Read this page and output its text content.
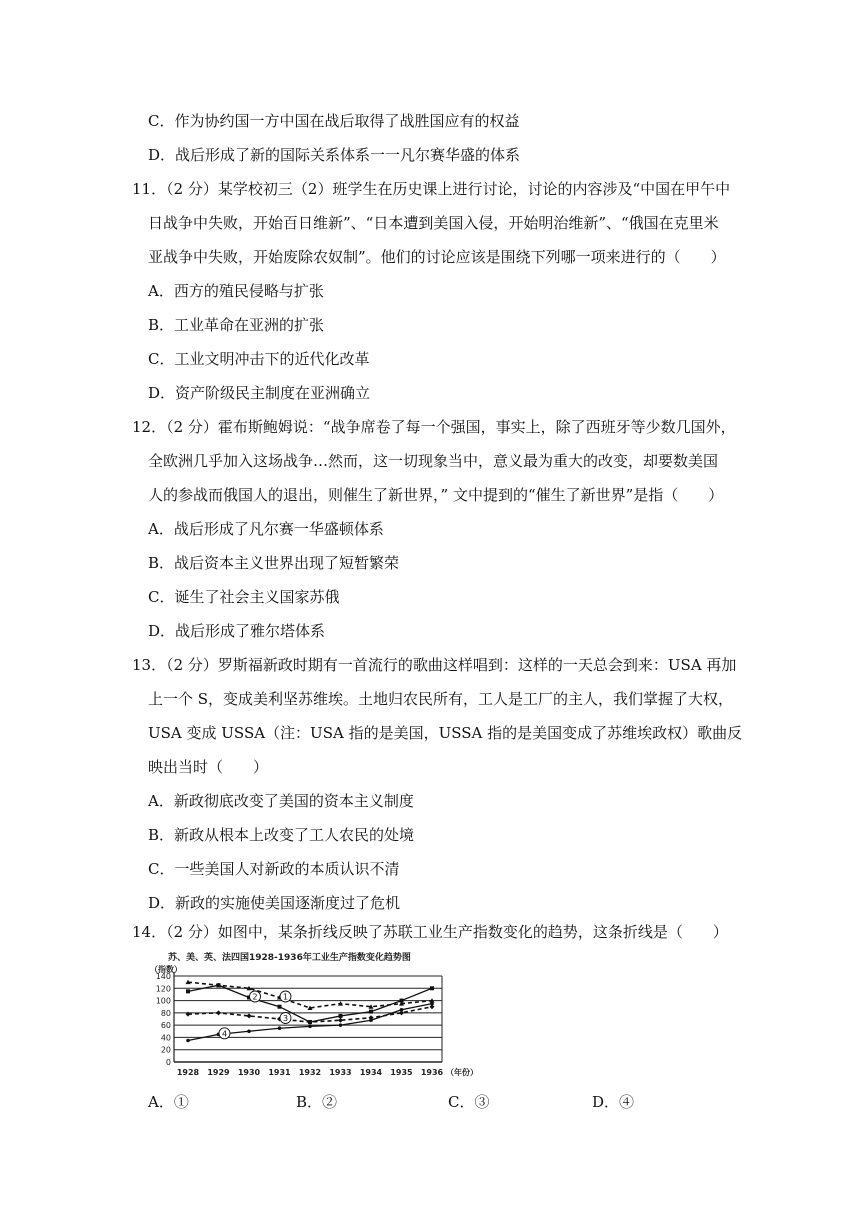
C．作为协约国一方中国在战后取得了战胜国应有的权益
D．战后形成了新的国际关系体系一一凡尔赛华盛的体系
11．（2 分）某学校初三（2）班学生在历史课上进行讨论，讨论的内容涉及“中国在甲午中
日战争中失败，开始百日维新”、“日本遭到美国入侵，开始明治维新”、“俄国在克里米
亚战争中失败，开始废除农奴制”。他们的讨论应该是围绕下列哪一项来进行的（　　）
A．西方的殖民侵略与扩张
B．工业革命在亚洲的扩张
C．工业文明冲击下的近代化改革
D．资产阶级民主制度在亚洲确立
12．（2 分）霍布斯鲍姆说：“战争席卷了每一个强国，事实上，除了西班牙等少数几国外，
全欧洲几乎加入这场战争…然而，这一切现象当中，意义最为重大的改变，却要数美国
人的参战而俄国人的退出，则催生了新世界，” 文中提到的“催生了新世界”是指（　　）
A．战后形成了凡尔赛一华盛顿体系
B．战后资本主义世界出现了短暂繁荣
C．诞生了社会主义国家苏俄
D．战后形成了雅尔塔体系
13．（2 分）罗斯福新政时期有一首流行的歌曲这样唱到：这样的一天总会到来：USA 再加
上一个 S，变成美利坚苏维埃。土地归农民所有，工人是工厂的主人，我们掌握了大权，
USA 变成 USSA（注：USA 指的是美国，USSA 指的是美国变成了苏维埃政权）歌曲反
映出当时（　　）
A．新政彻底改变了美国的资本主义制度
B．新政从根本上改变了工人农民的处境
C．一些美国人对新政的本质认识不清
D．新政的实施使美国逐渐度过了危机
14．（2 分）如图中，某条折线反映了苏联工业生产指数变化的趋势，这条折线是（　　）
苏、美、英、法四国1928-1936年工业生产指数变化趋势图
（指数）
140
120
100
80
60
40
20
0
1928 1929 1930 1931 1932 1933 1934 1935 1936 （年份）
1
2
3
4
A．①	B．②	C．③	D．④
